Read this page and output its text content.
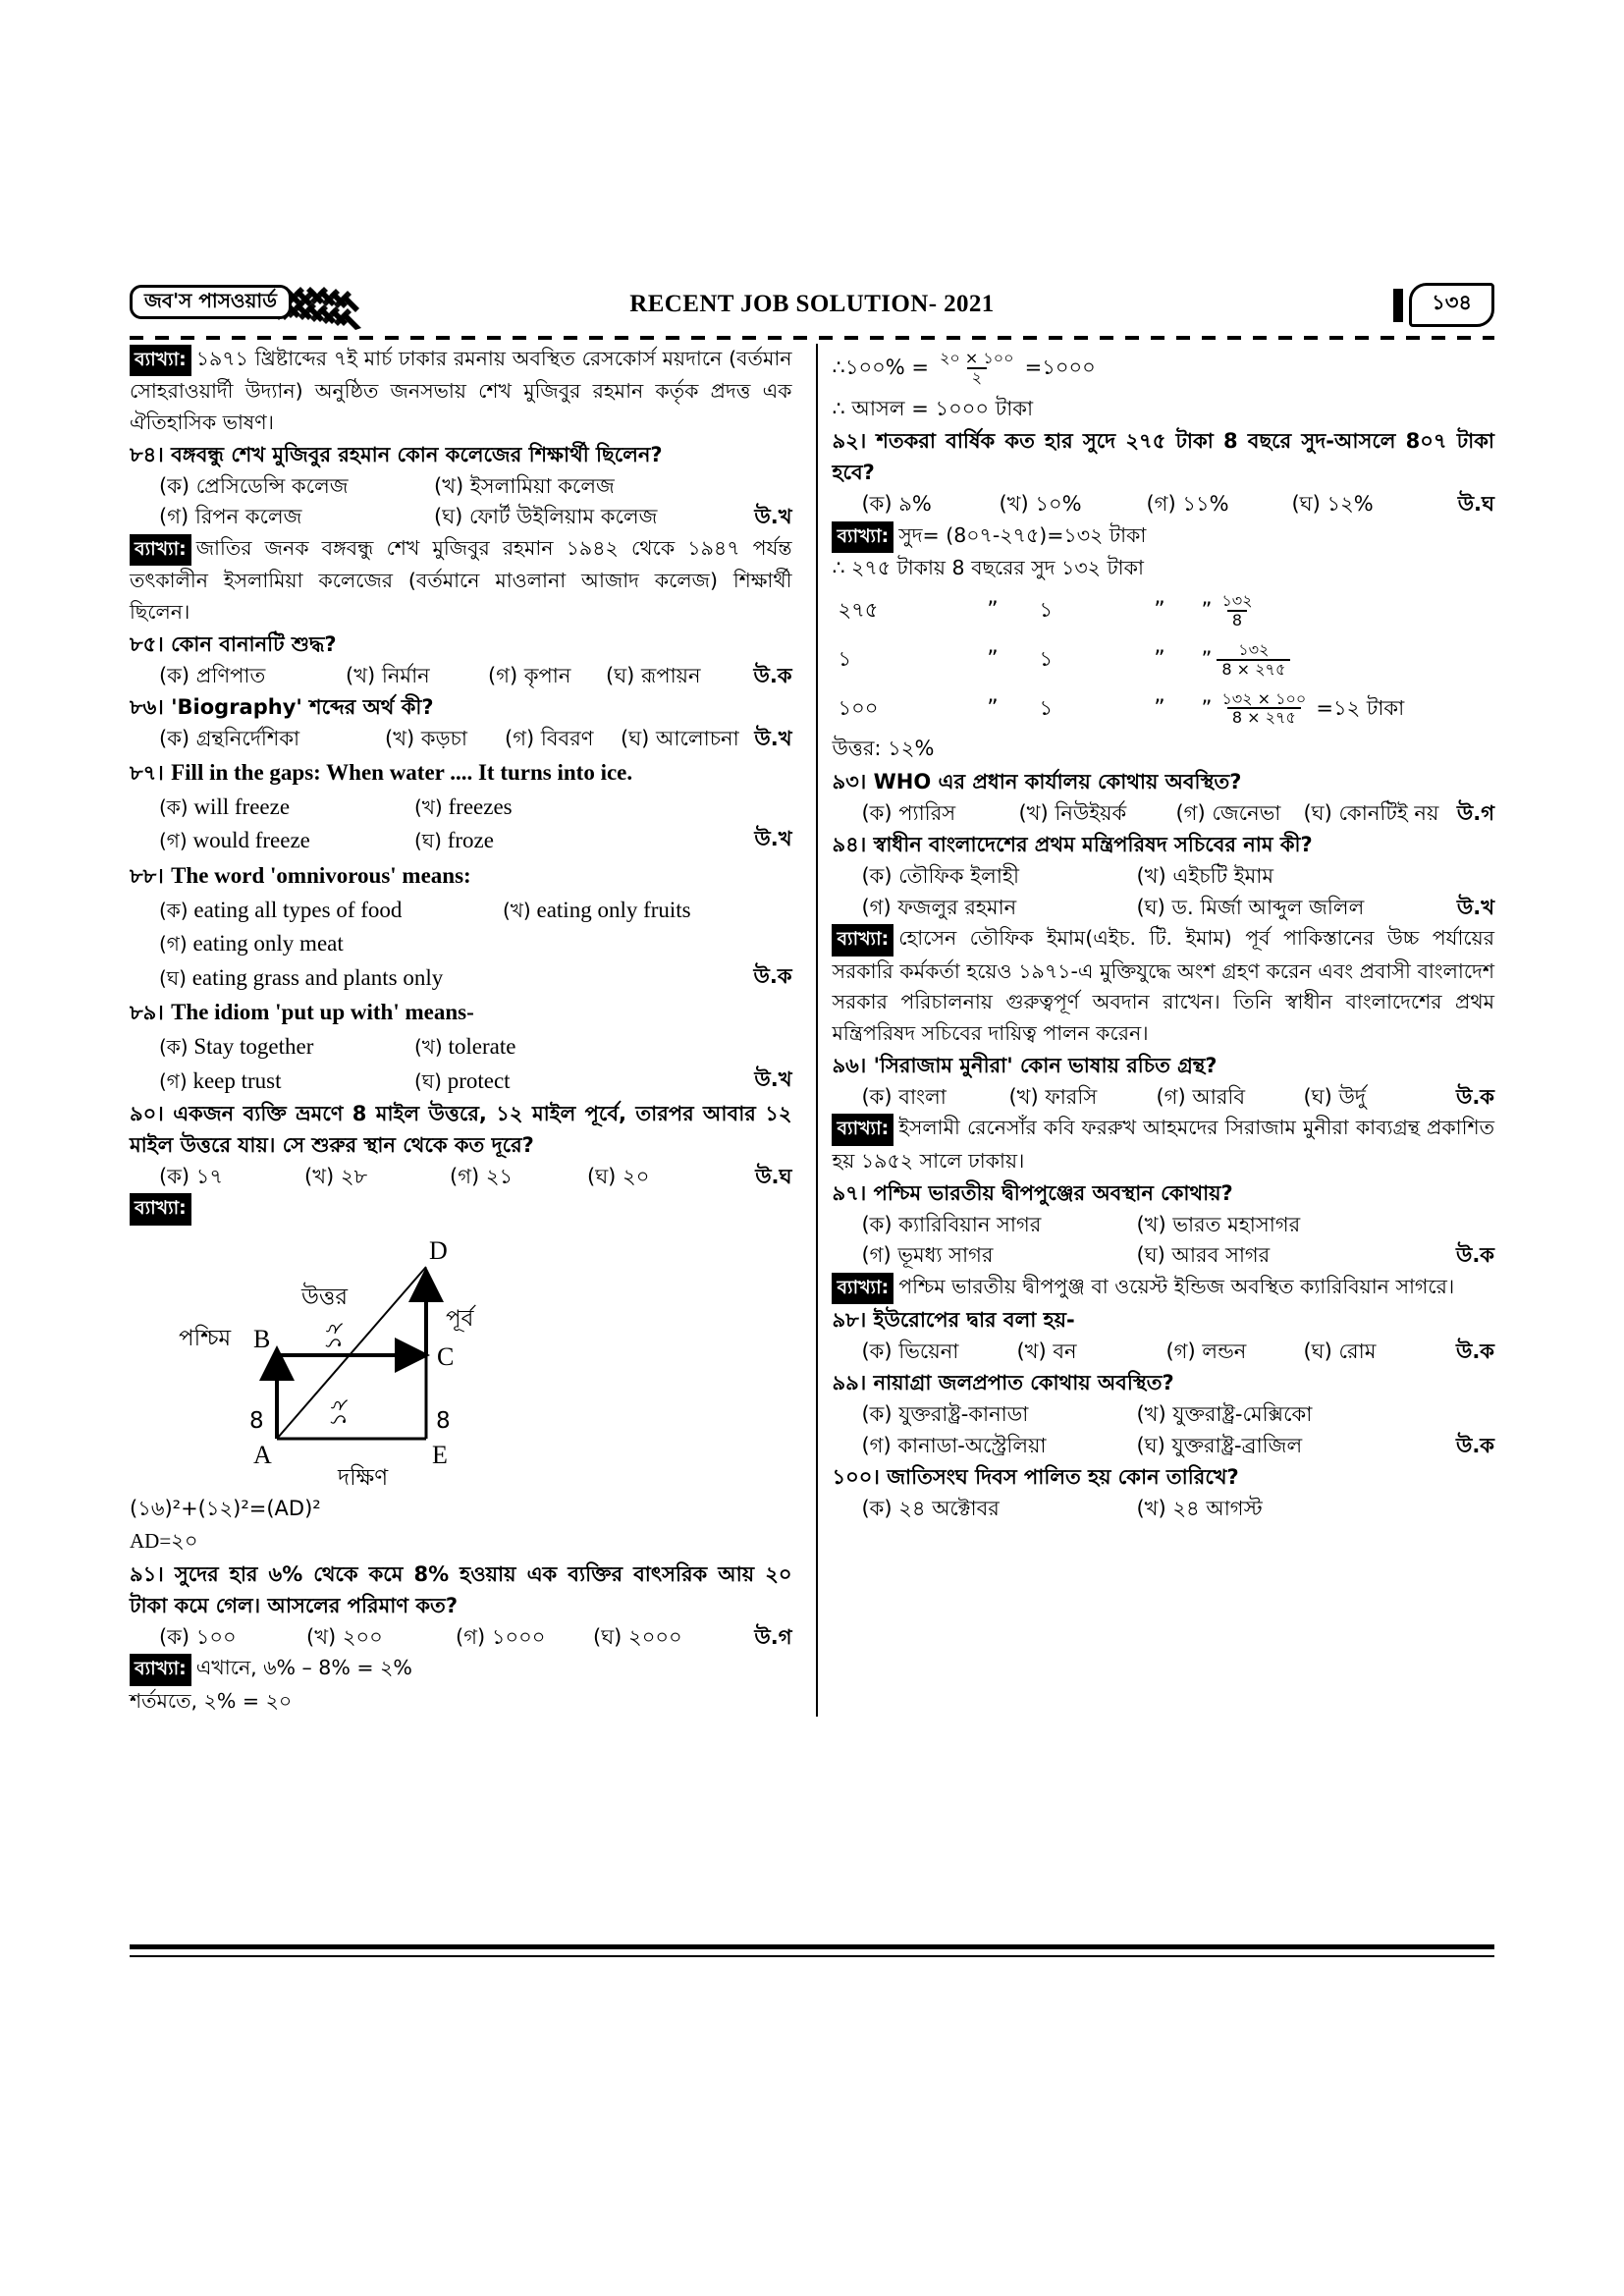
জব'স পাসওয়ার্ড	RECENT JOB SOLUTION- 2021	১৩৪

ব্যাখ্যা: ১৯৭১ খ্রিষ্টাব্দের ৭ই মার্চ ঢাকার রমনায় অবস্থিত রেসকোর্স ময়দানে (বর্তমান সোহরাওয়ার্দী উদ্যান) অনুষ্ঠিত জনসভায় শেখ মুজিবুর রহমান কর্তৃক প্রদত্ত এক ঐতিহাসিক ভাষণ।

৮৪। বঙ্গবন্ধু শেখ মুজিবুর রহমান কোন কলেজের শিক্ষার্থী ছিলেন?

(ক) প্রেসিডেন্সি কলেজ	(খ) ইসলামিয়া কলেজ
(গ) রিপন কলেজ	(ঘ) ফোর্ট উইলিয়াম কলেজ	উ.খ

ব্যাখ্যা: জাতির জনক বঙ্গবন্ধু শেখ মুজিবুর রহমান ১৯৪২ থেকে ১৯৪৭ পর্যন্ত তৎকালীন ইসলামিয়া কলেজের (বর্তমানে মাওলানা আজাদ কলেজ) শিক্ষার্থী ছিলেন।

৮৫। কোন বানানটি শুদ্ধ?

(ক) প্রণিপাত	(খ) নির্মান	(গ) কৃপান	(ঘ) রূপায়ন	উ.ক

৮৬। 'Biography' শব্দের অর্থ কী?

(ক) গ্রন্থনির্দেশিকা	(খ) কড়চা	(গ) বিবরণ	(ঘ) আলোচনা উ.খ

৮৭। Fill in the gaps: When water .... It turns into ice.

(ক) will freeze	(খ) freezes
(গ) would freeze	(ঘ) froze	উ.খ

৮৮। The word 'omnivorous' means:

(ক) eating all types of food	(খ) eating only fruits
(গ) eating only meat
(ঘ) eating grass and plants only	উ.ক

৮৯। The idiom 'put up with' means-

(ক) Stay together	(খ) tolerate
(গ) keep trust	(ঘ) protect	উ.খ

৯০। একজন ব্যক্তি ভ্রমণে 8 মাইল উত্তরে, ১২ মাইল পূর্বে, তারপর আবার ১২ মাইল উত্তরে যায়। সে শুরুর স্থান থেকে কত দূরে?

(ক) ১৭	(খ) ২৮	(গ) ২১	(ঘ) ২০	উ.ঘ

ব্যাখ্যা:

D
B
C
A	E
8	8
১২
১২
উত্তর
দক্ষিণ
পূর্ব
পশ্চিম

(১৬)²+(১২)²=(AD)²

AD=২০

৯১। সুদের হার ৬% থেকে কমে 8% হওয়ায় এক ব্যক্তির বাৎসরিক আয় ২০ টাকা কমে গেল। আসলের পরিমাণ কত?

(ক) ১০০	(খ) ২০০	(গ) ১০০০	(ঘ) ২০০০	উ.গ

ব্যাখ্যা: এখানে, ৬% – 8% = ২%

শর্তমতে, ২% = ২০

∴১০০% = $\frac{২০ \times ১০০}{২}$ =১০০০

∴ আসল = ১০০০ টাকা

৯২। শতকরা বার্ষিক কত হার সুদে ২৭৫ টাকা 8 বছরে সুদ-আসলে 8০৭ টাকা হবে?

(ক) ৯%	(খ) ১০%	(গ) ১১%	(ঘ) ১২%	উ.ঘ

ব্যাখ্যা: সুদ= (8০৭-২৭৫)=১৩২ টাকা

∴ ২৭৫ টাকায় 8 বছরের সুদ ১৩২ টাকা

২৭৫	”	১	”	” $\frac{১৩২}{8}$

১	”	১	”	” $\frac{১৩২}{8 \times ২৭৫}$

১০০	”	১	”	” $\frac{১৩২ \times ১০০}{8 \times ২৭৫}$ =১২ টাকা

উত্তর: ১২%

৯৩। WHO এর প্রধান কার্যালয় কোথায় অবস্থিত?

(ক) প্যারিস	(খ) নিউইয়র্ক	(গ) জেনেভা	(ঘ) কোনটিই নয় উ.গ

৯৪। স্বাধীন বাংলাদেশের প্রথম মন্ত্রিপরিষদ সচিবের নাম কী?

(ক) তৌফিক ইলাহী	(খ) এইচটি ইমাম
(গ) ফজলুর রহমান	(ঘ) ড. মির্জা আব্দুল জলিল	উ.খ

ব্যাখ্যা: হোসেন তৌফিক ইমাম(এইচ. টি. ইমাম) পূর্ব পাকিস্তানের উচ্চ পর্যায়ের সরকারি কর্মকর্তা হয়েও ১৯৭১-এ মুক্তিযুদ্ধে অংশ গ্রহণ করেন এবং প্রবাসী বাংলাদেশ সরকার পরিচালনায় গুরুত্বপূর্ণ অবদান রাখেন। তিনি স্বাধীন বাংলাদেশের প্রথম মন্ত্রিপরিষদ সচিবের দায়িত্ব পালন করেন।

৯৬। 'সিরাজাম মুনীরা' কোন ভাষায় রচিত গ্রন্থ?

(ক) বাংলা	(খ) ফারসি	(গ) আরবি	(ঘ) উর্দু	উ.ক

ব্যাখ্যা: ইসলামী রেনেসাঁর কবি ফররুখ আহমদের সিরাজাম মুনীরা কাব্যগ্রন্থ প্রকাশিত হয় ১৯৫২ সালে ঢাকায়।

৯৭। পশ্চিম ভারতীয় দ্বীপপুঞ্জের অবস্থান কোথায়?

(ক) ক্যারিবিয়ান সাগর	(খ) ভারত মহাসাগর
(গ) ভূমধ্য সাগর	(ঘ) আরব সাগর	উ.ক

ব্যাখ্যা: পশ্চিম ভারতীয় দ্বীপপুঞ্জ বা ওয়েস্ট ইন্ডিজ অবস্থিত ক্যারিবিয়ান সাগরে।

৯৮। ইউরোপের দ্বার বলা হয়-

(ক) ভিয়েনা	(খ) বন	(গ) লন্ডন	(ঘ) রোম	উ.ক

৯৯। নায়াগ্রা জলপ্রপাত কোথায় অবস্থিত?

(ক) যুক্তরাষ্ট্র-কানাডা	(খ) যুক্তরাষ্ট্র-মেক্সিকো
(গ) কানাডা-অস্ট্রেলিয়া	(ঘ) যুক্তরাষ্ট্র-ব্রাজিল	উ.ক

১০০। জাতিসংঘ দিবস পালিত হয় কোন তারিখে?

(ক) ২৪ অক্টোবর	(খ) ২৪ আগস্ট
